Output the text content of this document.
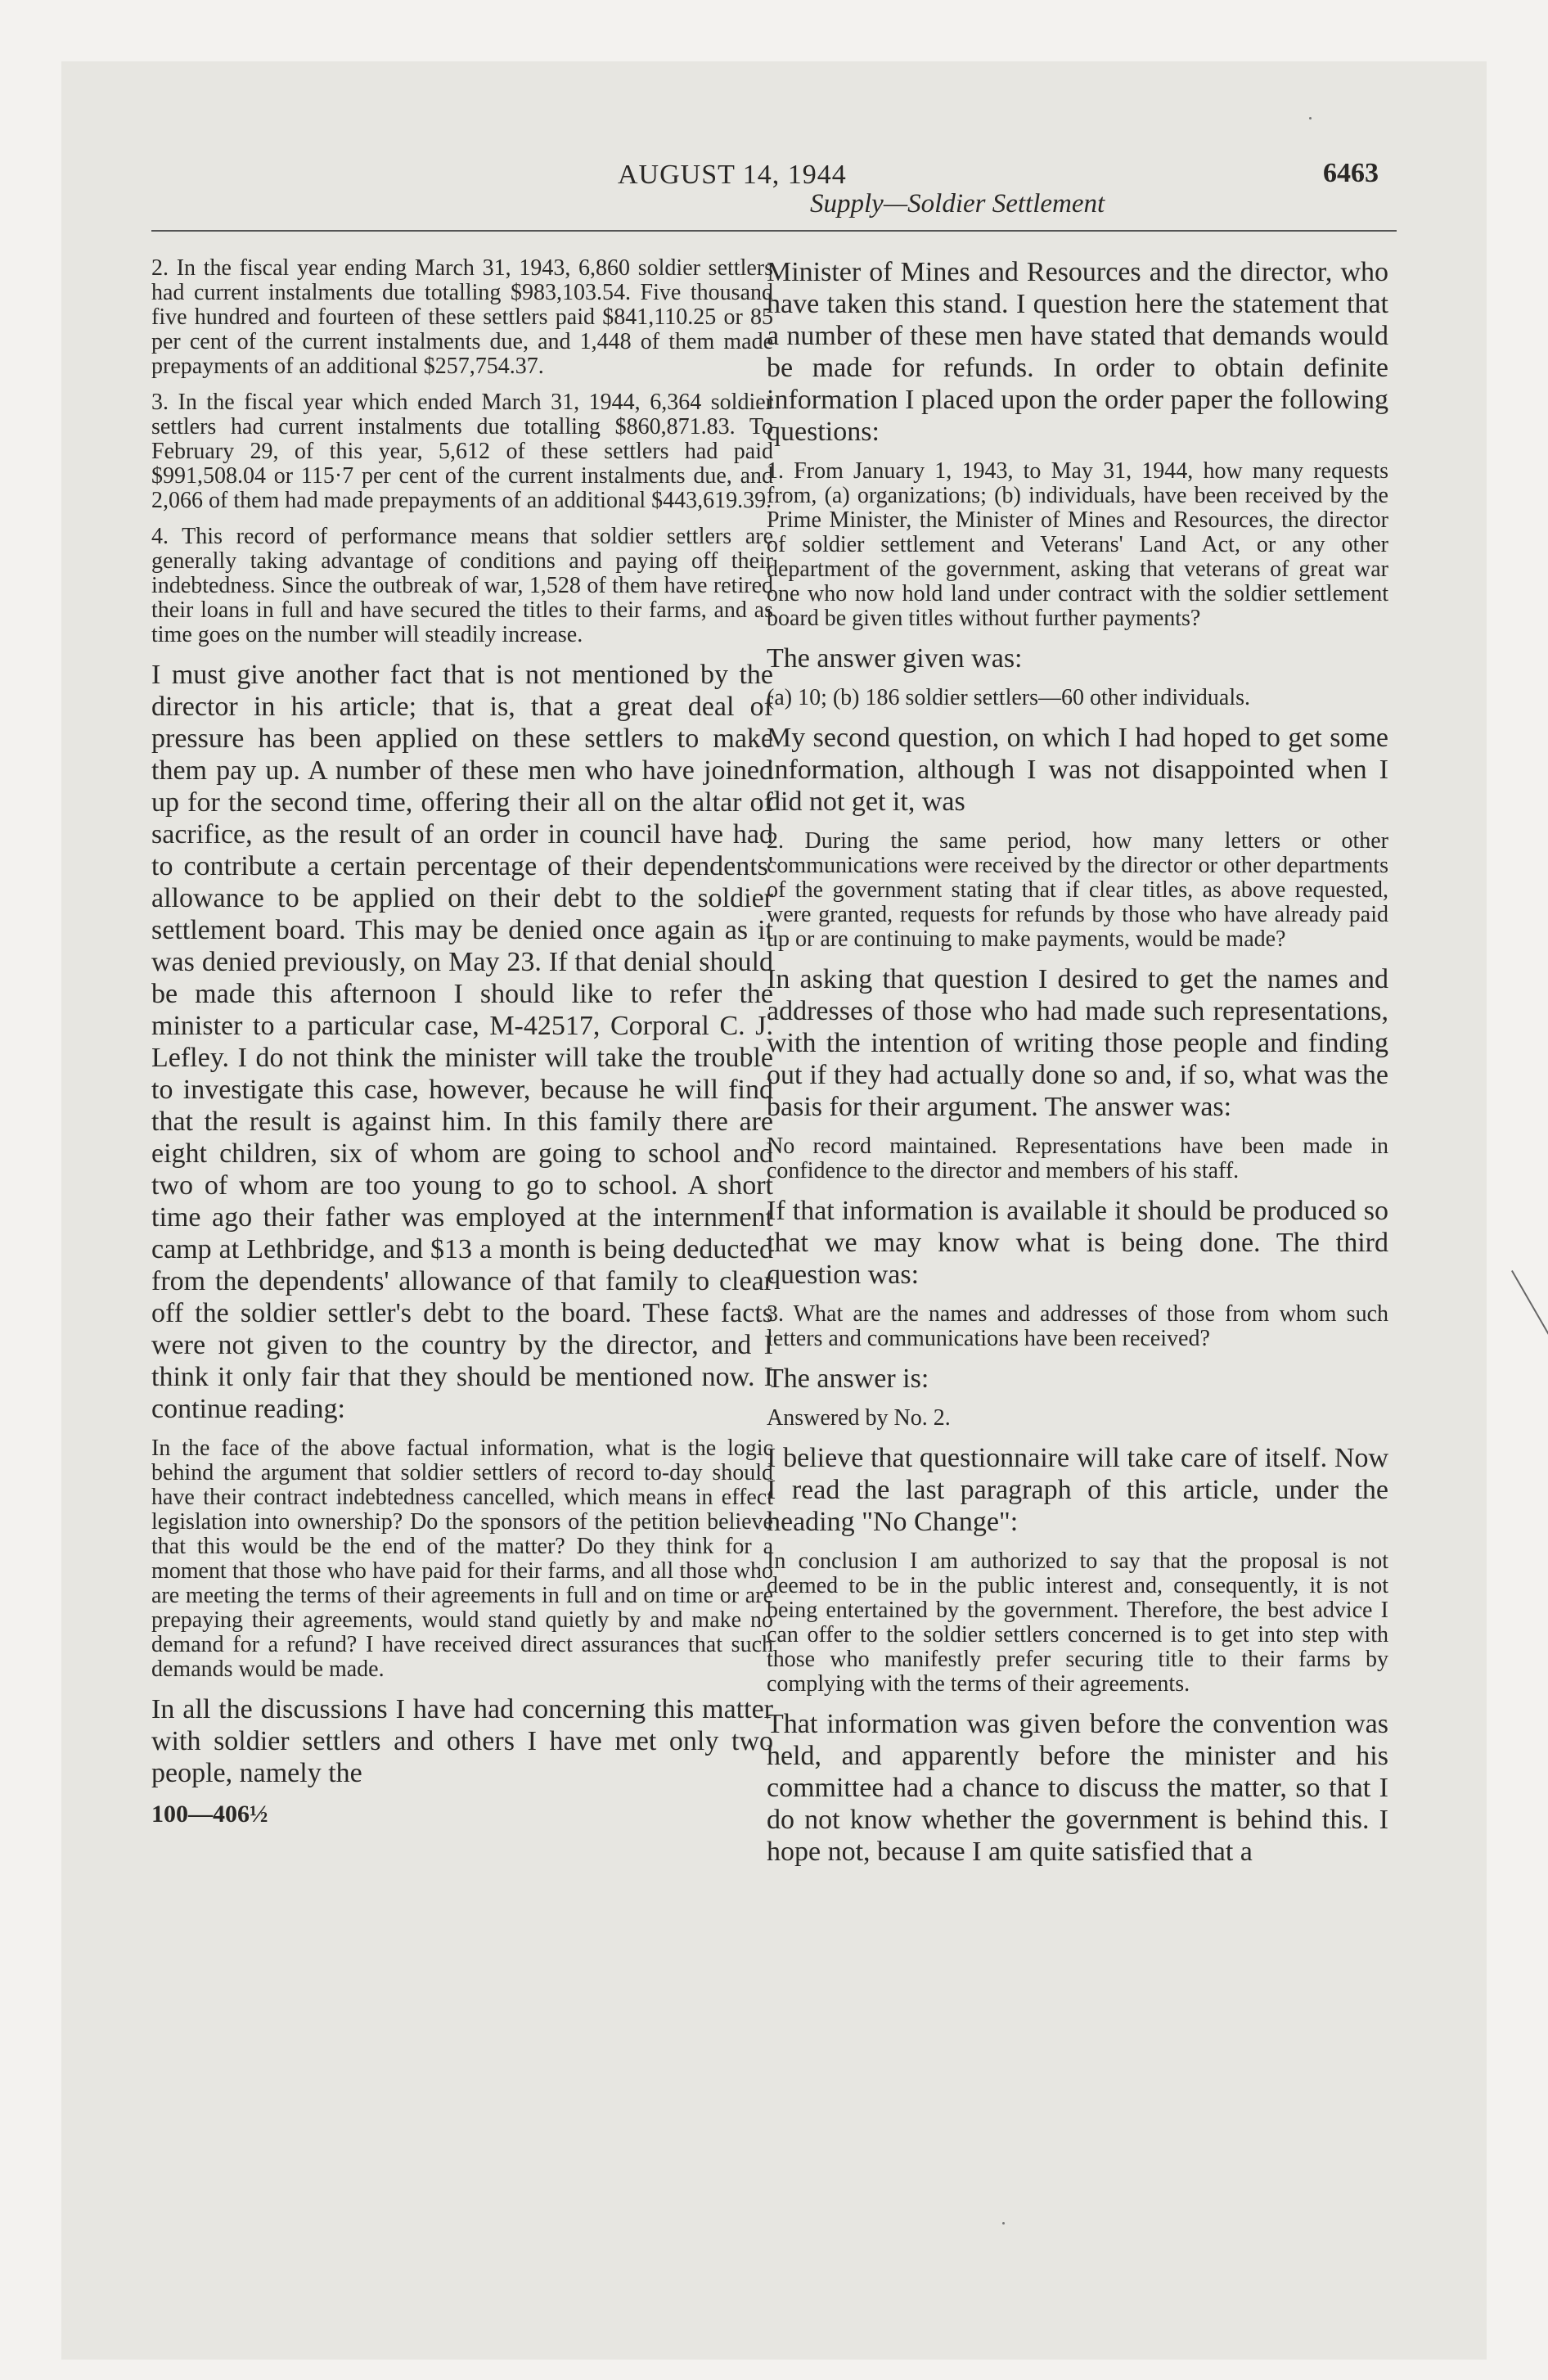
AUGUST 14, 1944	6463
Supply—Soldier Settlement

2. In the fiscal year ending March 31, 1943, 6,860 soldier settlers had current instalments due totalling $983,103.54. Five thousand five hundred and fourteen of these settlers paid $841,110.25 or 85 per cent of the current instalments due, and 1,448 of them made prepayments of an additional $257,754.37.

3. In the fiscal year which ended March 31, 1944, 6,364 soldier settlers had current instalments due totalling $860,871.83. To February 29, of this year, 5,612 of these settlers had paid $991,508.04 or 115·7 per cent of the current instalments due, and 2,066 of them had made prepayments of an additional $443,619.39.

4. This record of performance means that soldier settlers are generally taking advantage of conditions and paying off their indebtedness. Since the outbreak of war, 1,528 of them have retired their loans in full and have secured the titles to their farms, and as time goes on the number will steadily increase.

I must give another fact that is not mentioned by the director in his article; that is, that a great deal of pressure has been applied on these settlers to make them pay up. A number of these men who have joined up for the second time, offering their all on the altar of sacrifice, as the result of an order in council have had to contribute a certain percentage of their dependents' allowance to be applied on their debt to the soldier settlement board. This may be denied once again as it was denied previously, on May 23. If that denial should be made this afternoon I should like to refer the minister to a particular case, M-42517, Corporal C. J. Lefley. I do not think the minister will take the trouble to investigate this case, however, because he will find that the result is against him. In this family there are eight children, six of whom are going to school and two of whom are too young to go to school. A short time ago their father was employed at the internment camp at Lethbridge, and $13 a month is being deducted from the dependents' allowance of that family to clear off the soldier settler's debt to the board. These facts were not given to the country by the director, and I think it only fair that they should be mentioned now. I continue reading:

In the face of the above factual information, what is the logic behind the argument that soldier settlers of record to-day should have their contract indebtedness cancelled, which means in effect legislation into ownership? Do the sponsors of the petition believe that this would be the end of the matter? Do they think for a moment that those who have paid for their farms, and all those who are meeting the terms of their agreements in full and on time or are prepaying their agreements, would stand quietly by and make no demand for a refund? I have received direct assurances that such demands would be made.

In all the discussions I have had concerning this matter with soldier settlers and others I have met only two people, namely the

100—406½

Minister of Mines and Resources and the director, who have taken this stand. I question here the statement that a number of these men have stated that demands would be made for refunds. In order to obtain definite information I placed upon the order paper the following questions:

1. From January 1, 1943, to May 31, 1944, how many requests from, (a) organizations; (b) individuals, have been received by the Prime Minister, the Minister of Mines and Resources, the director of soldier settlement and Veterans' Land Act, or any other department of the government, asking that veterans of great war one who now hold land under contract with the soldier settlement board be given titles without further payments?

The answer given was:

(a) 10; (b) 186 soldier settlers—60 other individuals.

My second question, on which I had hoped to get some information, although I was not disappointed when I did not get it, was

2. During the same period, how many letters or other communications were received by the director or other departments of the government stating that if clear titles, as above requested, were granted, requests for refunds by those who have already paid up or are continuing to make payments, would be made?

In asking that question I desired to get the names and addresses of those who had made such representations, with the intention of writing those people and finding out if they had actually done so and, if so, what was the basis for their argument. The answer was:

No record maintained. Representations have been made in confidence to the director and members of his staff.

If that information is available it should be produced so that we may know what is being done. The third question was:

3. What are the names and addresses of those from whom such letters and communications have been received?

The answer is:

Answered by No. 2.

I believe that questionnaire will take care of itself. Now I read the last paragraph of this article, under the heading "No Change":

In conclusion I am authorized to say that the proposal is not deemed to be in the public interest and, consequently, it is not being entertained by the government. Therefore, the best advice I can offer to the soldier settlers concerned is to get into step with those who manifestly prefer securing title to their farms by complying with the terms of their agreements.

That information was given before the convention was held, and apparently before the minister and his committee had a chance to discuss the matter, so that I do not know whether the government is behind this. I hope not, because I am quite satisfied that a
